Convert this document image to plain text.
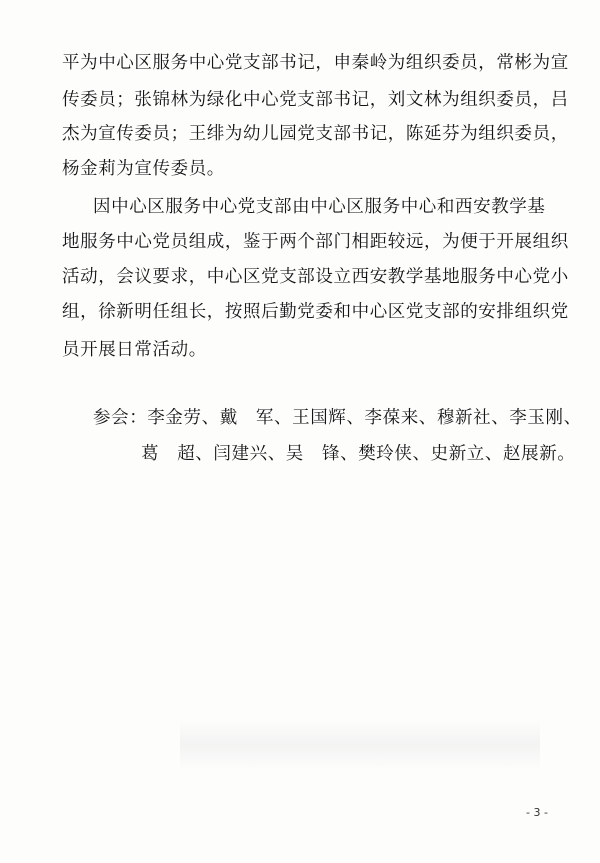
平为中心区服务中心党支部书记，申秦岭为组织委员，常彬为宣
传委员；张锦林为绿化中心党支部书记，刘文林为组织委员，吕
杰为宣传委员；王绯为幼儿园党支部书记，陈延芬为组织委员，
杨金莉为宣传委员。
因中心区服务中心党支部由中心区服务中心和西安教学基
地服务中心党员组成，鉴于两个部门相距较远，为便于开展组织
活动，会议要求，中心区党支部设立西安教学基地服务中心党小
组，徐新明任组长，按照后勤党委和中心区党支部的安排组织党
员开展日常活动。
参会：李金劳、戴　军、王国辉、李葆来、穆新社、李玉刚、
葛　超、闫建兴、吴　锋、樊玲侠、史新立、赵展新。
- 3 -
